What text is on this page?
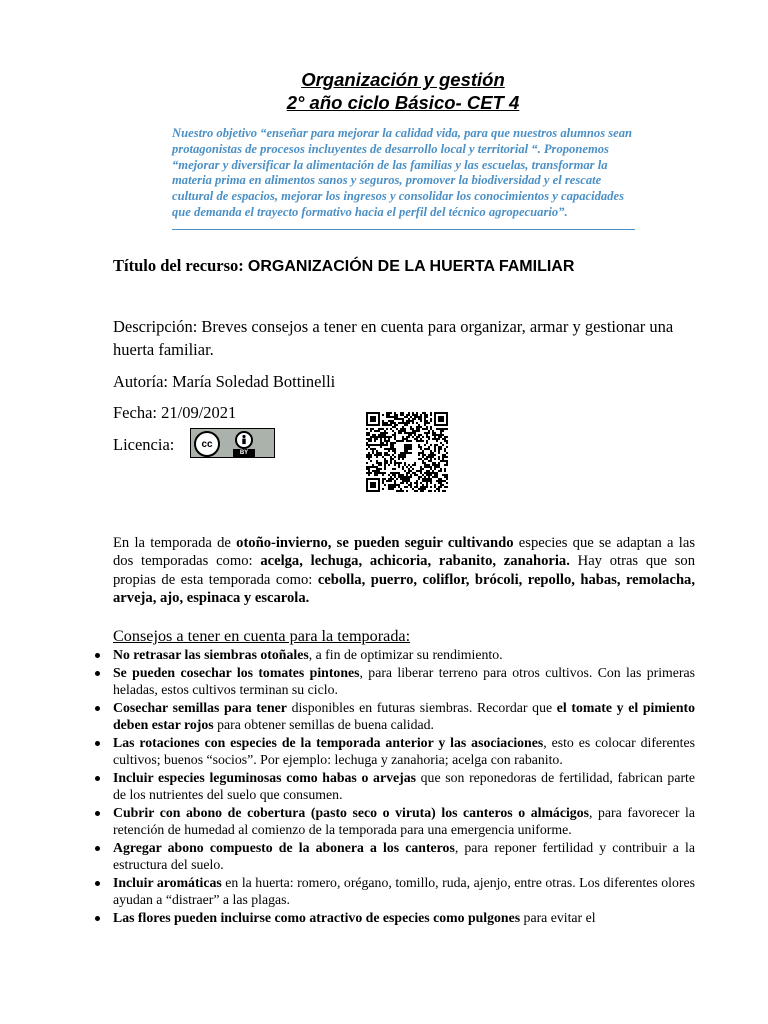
Organización y gestión
2° año ciclo Básico- CET 4
Nuestro objetivo “enseñar para mejorar la calidad vida, para que nuestros alumnos sean protagonistas de procesos incluyentes de desarrollo local y territorial “. Proponemos “mejorar y diversificar la alimentación de las familias y las escuelas, transformar la materia prima en alimentos sanos y seguros, promover la biodiversidad y el rescate cultural de espacios, mejorar los ingresos y consolidar los conocimientos y capacidades que demanda el trayecto formativo hacia el perfil del técnico agropecuario”.
Título del recurso: ORGANIZACIÓN DE LA HUERTA FAMILIAR
Descripción: Breves consejos a tener en cuenta para organizar, armar y gestionar una huerta familiar.
Autoría: María Soledad Bottinelli
Fecha: 21/09/2021
Licencia:	cc
BY
En la temporada de otoño-invierno, se pueden seguir cultivando especies que se adaptan a las dos temporadas como: acelga, lechuga, achicoria, rabanito, zanahoria. Hay otras que son propias de esta temporada como: cebolla, puerro, coliflor, brócoli, repollo, habas, remolacha, arveja, ajo, espinaca y escarola.
Consejos a tener en cuenta para la temporada:
No retrasar las siembras otoñales, a fin de optimizar su rendimiento.
Se pueden cosechar los tomates pintones, para liberar terreno para otros cultivos. Con las primeras heladas, estos cultivos terminan su ciclo.
Cosechar semillas para tener disponibles en futuras siembras. Recordar que el tomate y el pimiento deben estar rojos para obtener semillas de buena calidad.
Las rotaciones con especies de la temporada anterior y las asociaciones, esto es colocar diferentes cultivos; buenos “socios”. Por ejemplo: lechuga y zanahoria; acelga con rabanito.
Incluir especies leguminosas como habas o arvejas que son reponedoras de fertilidad, fabrican parte de los nutrientes del suelo que consumen.
Cubrir con abono de cobertura (pasto seco o viruta) los canteros o almácigos, para favorecer la retención de humedad al comienzo de la temporada para una emergencia uniforme.
Agregar abono compuesto de la abonera a los canteros, para reponer fertilidad y contribuir a la estructura del suelo.
Incluir aromáticas en la huerta: romero, orégano, tomillo, ruda, ajenjo, entre otras. Los diferentes olores ayudan a “distraer” a las plagas.
Las flores pueden incluirse como atractivo de especies como pulgones para evitar el
